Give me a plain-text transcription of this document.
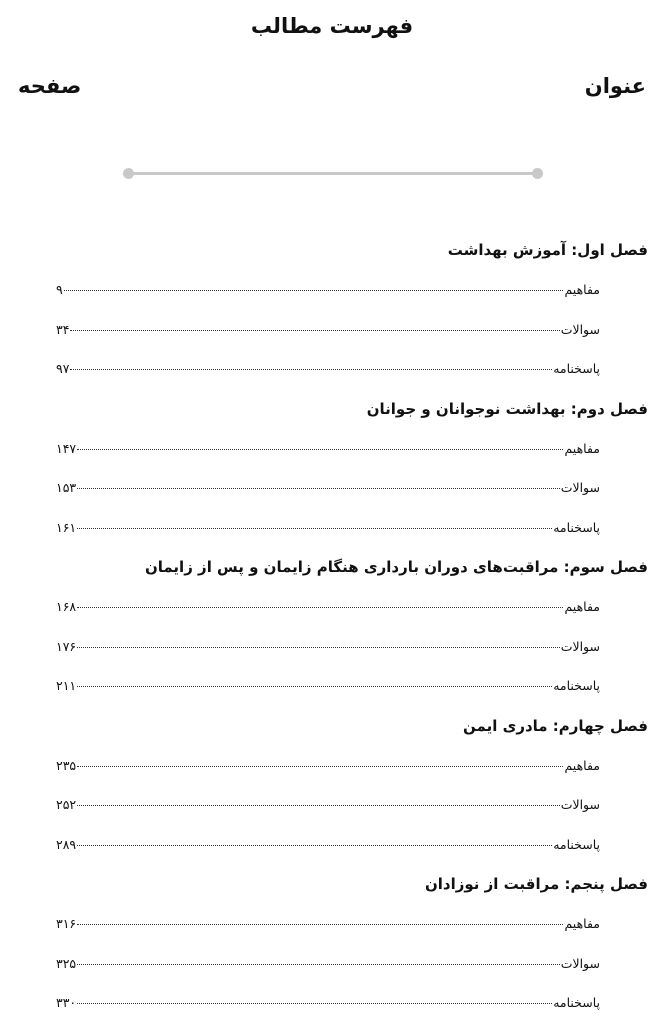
فهرست مطالب
عنوان
صفحه
فصل اول: آموزش بهداشت
مفاهیم
۹
سوالات
۳۴
پاسخنامه
۹۷
فصل دوم: بهداشت نوجوانان و جوانان
مفاهیم
۱۴۷
سوالات
۱۵۳
پاسخنامه
۱۶۱
فصل سوم: مراقبت‌های دوران بارداری هنگام زایمان و پس از زایمان
مفاهیم
۱۶۸
سوالات
۱۷۶
پاسخنامه
۲۱۱
فصل چهارم: مادری ایمن
مفاهیم
۲۳۵
سوالات
۲۵۲
پاسخنامه
۲۸۹
فصل پنجم: مراقبت از نوزادان
مفاهیم
۳۱۶
سوالات
۳۲۵
پاسخنامه
۳۳۰
